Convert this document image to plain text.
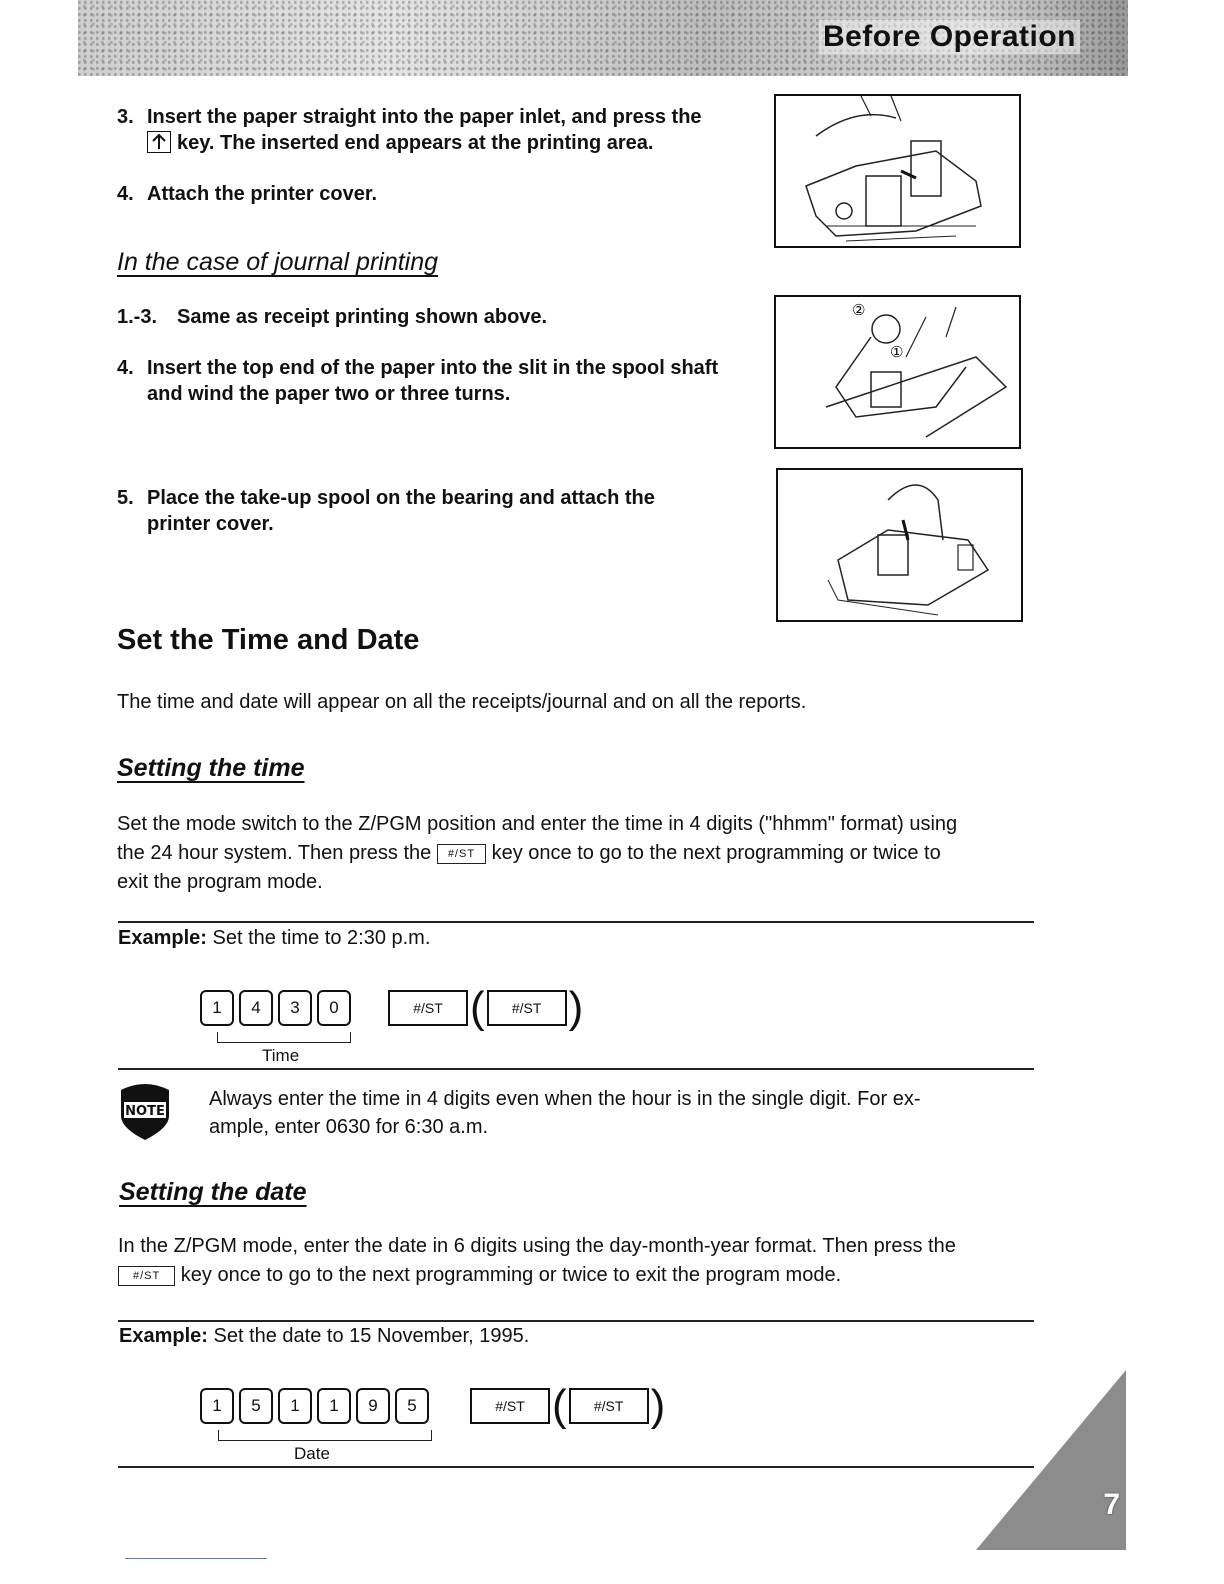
Before Operation
3. Insert the paper straight into the paper inlet, and press the
key. The inserted end appears at the printing area.
4. Attach the printer cover.
In the case of journal printing
1.-3. Same as receipt printing shown above.
4. Insert the top end of the paper into the slit in the spool shaft
and wind the paper two or three turns.
②
①
5. Place the take-up spool on the bearing and attach the
printer cover.
Set the Time and Date
The time and date will appear on all the receipts/journal and on all the reports.
Setting the time
Set the mode switch to the Z/PGM position and enter the time in 4 digits ("hhmm" format) using
the 24 hour system. Then press the #/ST key once to go to the next programming or twice to
exit the program mode.
Example: Set the time to 2:30 p.m.
1	4	3	0	#/ST (	#/ST )
Time
NOTE
Always enter the time in 4 digits even when the hour is in the single digit. For ex-
ample, enter 0630 for 6:30 a.m.
Setting the date
In the Z/PGM mode, enter the date in 6 digits using the day-month-year format. Then press the
#/ST key once to go to the next programming or twice to exit the program mode.
Example: Set the date to 15 November, 1995.
1	5	1	1	9	5	#/ST (	#/ST )
Date
7
